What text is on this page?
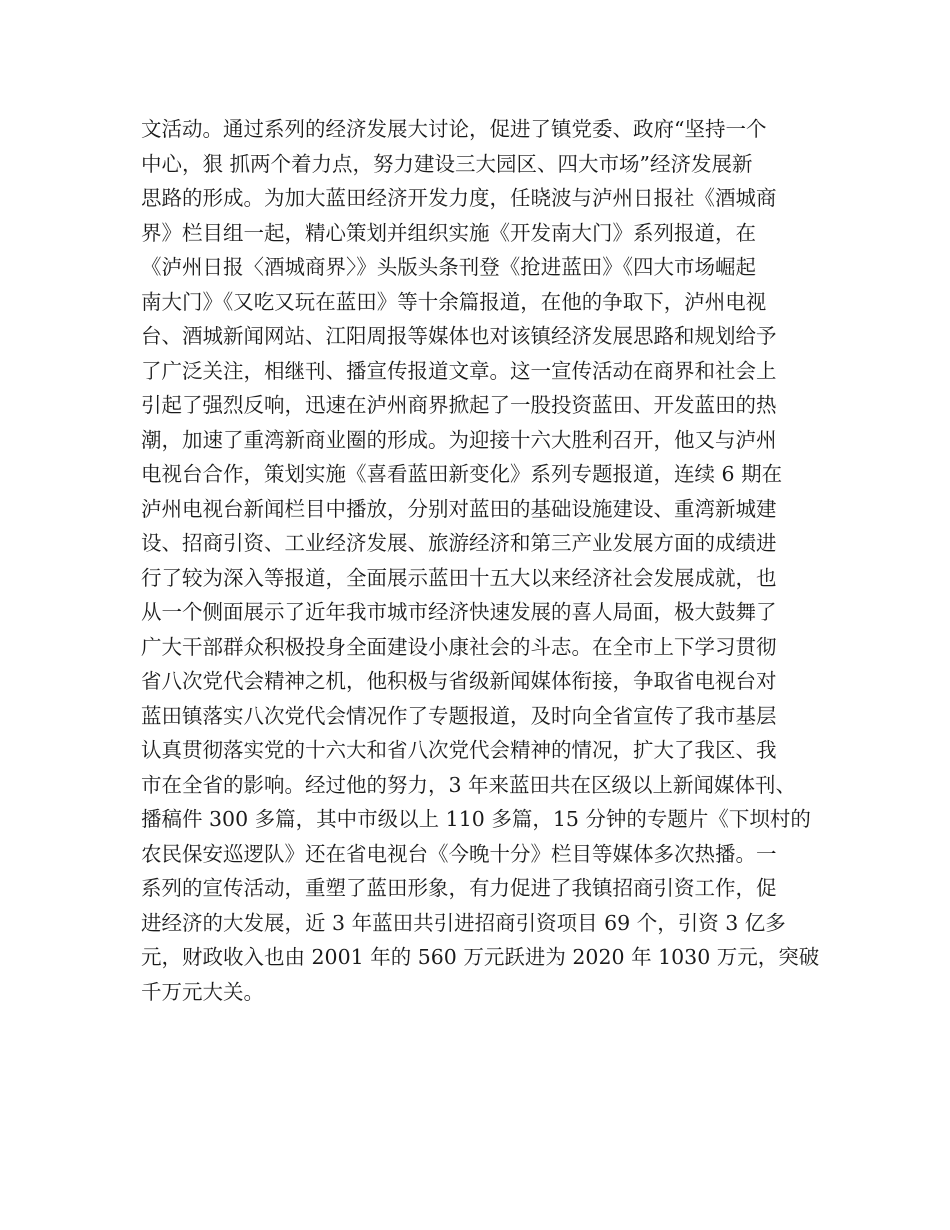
文活动。通过系列的经济发展大讨论，促进了镇党委、政府“坚持一个
中心，狠 抓两个着力点，努力建设三大园区、四大市场”经济发展新
思路的形成。为加大蓝田经济开发力度，任晓波与泸州日报社《酒城商
界》栏目组一起，精心策划并组织实施《开发南大门》系列报道，在
《泸州日报〈酒城商界〉》头版头条刊登《抢进蓝田》《四大市场崛起
南大门》《又吃又玩在蓝田》等十余篇报道，在他的争取下，泸州电视
台、酒城新闻网站、江阳周报等媒体也对该镇经济发展思路和规划给予
了广泛关注，相继刊、播宣传报道文章。这一宣传活动在商界和社会上
引起了强烈反响，迅速在泸州商界掀起了一股投资蓝田、开发蓝田的热
潮，加速了重湾新商业圈的形成。为迎接十六大胜利召开，他又与泸州
电视台合作，策划实施《喜看蓝田新变化》系列专题报道，连续 6 期在
泸州电视台新闻栏目中播放，分别对蓝田的基础设施建设、重湾新城建
设、招商引资、工业经济发展、旅游经济和第三产业发展方面的成绩进
行了较为深入等报道，全面展示蓝田十五大以来经济社会发展成就，也
从一个侧面展示了近年我市城市经济快速发展的喜人局面，极大鼓舞了
广大干部群众积极投身全面建设小康社会的斗志。在全市上下学习贯彻
省八次党代会精神之机，他积极与省级新闻媒体衔接，争取省电视台对
蓝田镇落实八次党代会情况作了专题报道，及时向全省宣传了我市基层
认真贯彻落实党的十六大和省八次党代会精神的情况，扩大了我区、我
市在全省的影响。经过他的努力，3 年来蓝田共在区级以上新闻媒体刊、
播稿件 300 多篇，其中市级以上 110 多篇，15 分钟的专题片《下坝村的
农民保安巡逻队》还在省电视台《今晚十分》栏目等媒体多次热播。一
系列的宣传活动，重塑了蓝田形象，有力促进了我镇招商引资工作，促
进经济的大发展，近 3 年蓝田共引进招商引资项目 69 个，引资 3 亿多
元，财政收入也由 2001 年的 560 万元跃进为 2020 年 1030 万元，突破
千万元大关。
